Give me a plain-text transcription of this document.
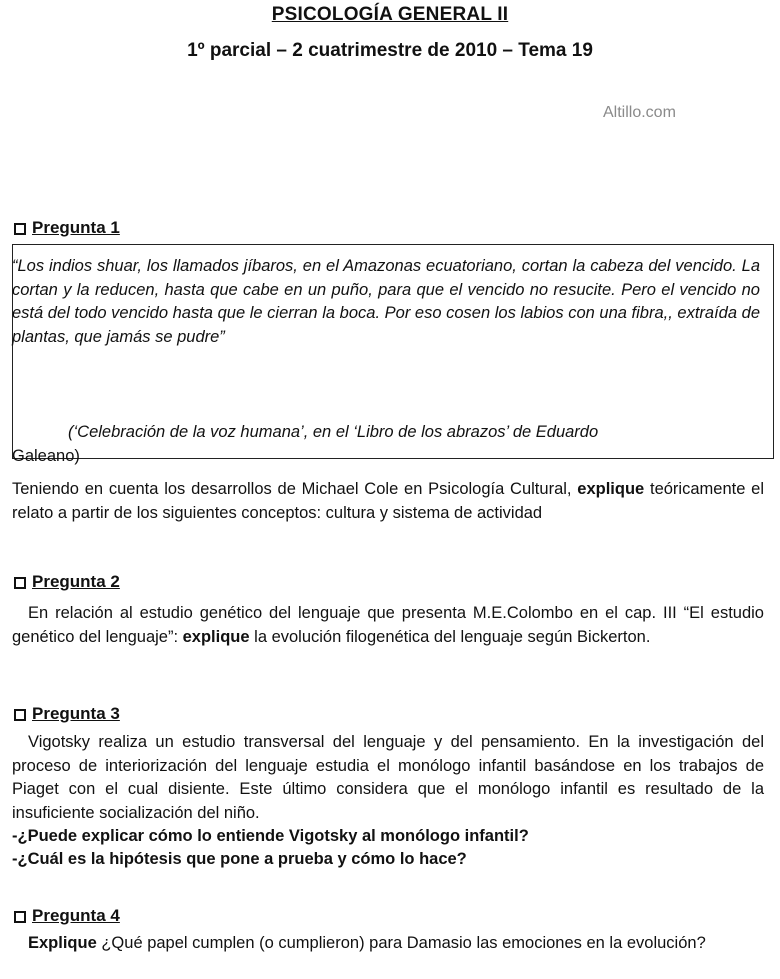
PSICOLOGÍA GENERAL II
1º parcial – 2 cuatrimestre de 2010 – Tema 19
Altillo.com
Pregunta 1
“Los indios shuar, los llamados jíbaros, en el Amazonas ecuatoriano, cortan la cabeza del vencido. La cortan y la reducen, hasta que cabe en un puño, para que el vencido no resucite. Pero el vencido no está del todo vencido hasta que le cierran la boca. Por eso cosen los labios con una fibra,, extraída de plantas, que jamás se pudre”
(‘Celebración de la voz humana’, en el ‘Libro de los abrazos’ de Eduardo
Galeano)
Teniendo en cuenta los desarrollos de Michael Cole en Psicología Cultural, explique teóricamente el relato a partir de los siguientes conceptos: cultura y sistema de actividad
Pregunta 2
En relación al estudio genético del lenguaje que presenta M.E.Colombo en el cap. III “El estudio genético del lenguaje”: explique la evolución filogenética del lenguaje según Bickerton.
Pregunta 3
Vigotsky realiza un estudio transversal del lenguaje y del pensamiento. En la investigación del proceso de interiorización del lenguaje estudia el monólogo infantil basándose en los trabajos de Piaget con el cual disiente. Este último considera que el monólogo infantil es resultado de la insuficiente socialización del niño.
-¿Puede explicar cómo lo entiende Vigotsky al monólogo infantil?
-¿Cuál es la hipótesis que pone a prueba y cómo lo hace?
Pregunta 4
Explique ¿Qué papel cumplen (o cumplieron) para Damasio las emociones en la evolución?
